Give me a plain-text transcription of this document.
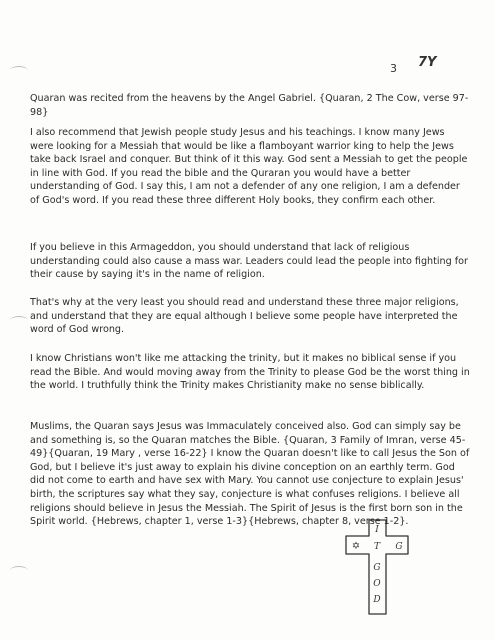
3 7Y

Quaran was recited from the heavens by the Angel Gabriel. {Quaran, 2 The Cow, verse 97-98}

I also recommend that Jewish people study Jesus and his teachings. I know many Jews were looking for a Messiah that would be like a flamboyant warrior king to help the Jews take back Israel and conquer. But think of it this way. God sent a Messiah to get the people in line with God. If you read the bible and the Quraran you would have a better understanding of God. I say this, I am not a defender of any one religion, I am a defender of God's word. If you read these three different Holy books, they confirm each other.

If you believe in this Armageddon, you should understand that lack of religious understanding could also cause a mass war. Leaders could lead the people into fighting for their cause by saying it's in the name of religion.

That's why at the very least you should read and understand these three major religions, and understand that they are equal although I believe some people have interpreted the word of God wrong.

I know Christians won't like me attacking the trinity, but it makes no biblical sense if you read the Bible. And would moving away from the Trinity to please God be the worst thing in the world. I truthfully think the Trinity makes Christianity make no sense biblically.

Muslims, the Quaran says Jesus was Immaculately conceived also. God can simply say be and something is, so the Quaran matches the Bible. {Quaran, 3 Family of Imran, verse 45-49}{Quaran, 19 Mary , verse 16-22} I know the Quaran doesn't like to call Jesus the Son of God, but I believe it's just away to explain his divine conception on an earthly term. God did not come to earth and have sex with Mary. You cannot use conjecture to explain Jesus' birth, the scriptures say what they say, conjecture is what confuses religions. I believe all religions should believe in Jesus the Messiah. The Spirit of Jesus is the first born son in the Spirit world. {Hebrews, chapter 1, verse 1-3}{Hebrews, chapter 8, verse 1-2}.

I
T
✡	G
G
O
D
